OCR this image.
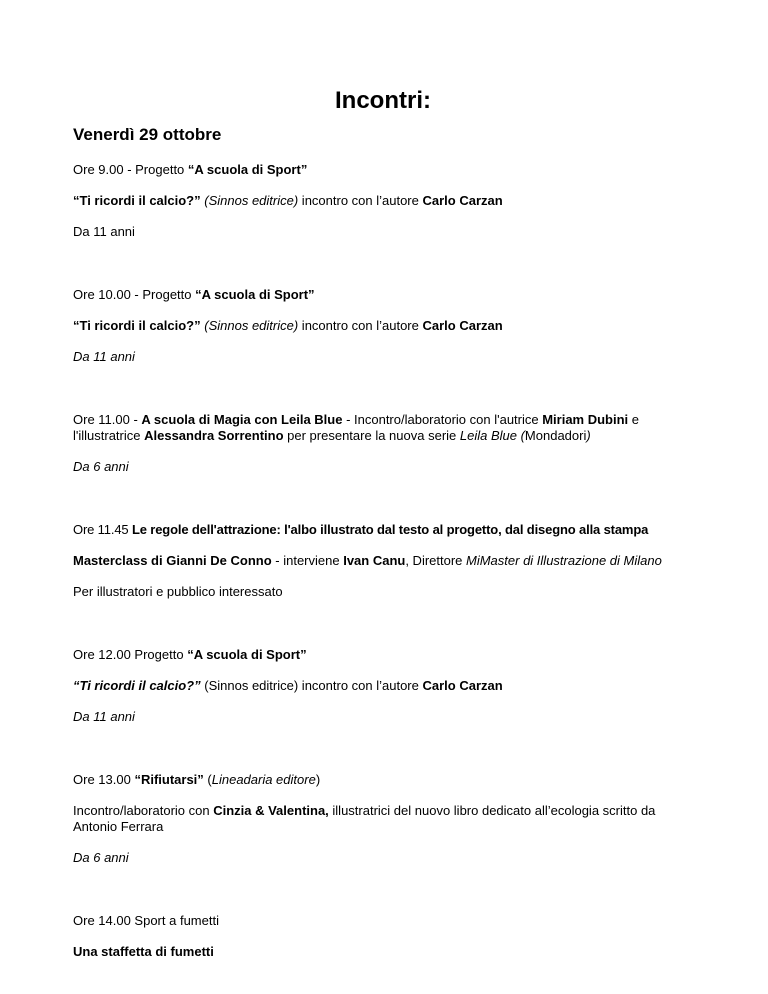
Incontri:
Venerdì 29 ottobre

Ore 9.00 - Progetto “A scuola di Sport”

“Ti ricordi il calcio?” (Sinnos editrice) incontro con l’autore Carlo Carzan

Da 11 anni

Ore 10.00 - Progetto “A scuola di Sport”

“Ti ricordi il calcio?” (Sinnos editrice) incontro con l’autore Carlo Carzan

Da 11 anni

Ore 11.00 - A scuola di Magia con Leila Blue - Incontro/laboratorio con l'autrice Miriam Dubini e l'illustratrice Alessandra Sorrentino per presentare la nuova serie Leila Blue (Mondadori)

Da 6 anni

Ore 11.45 Le regole dell'attrazione: l'albo illustrato dal testo al progetto, dal disegno alla stampa

Masterclass di Gianni De Conno - interviene Ivan Canu, Direttore MiMaster di Illustrazione di Milano

Per illustratori e pubblico interessato

Ore 12.00 Progetto “A scuola di Sport”

“Ti ricordi il calcio?” (Sinnos editrice) incontro con l’autore Carlo Carzan

Da 11 anni

Ore 13.00 “Rifiutarsi” (Lineadaria editore)

Incontro/laboratorio con Cinzia & Valentina, illustratrici del nuovo libro dedicato all’ecologia scritto da Antonio Ferrara

Da 6 anni

Ore 14.00 Sport a fumetti

Una staffetta di fumetti
